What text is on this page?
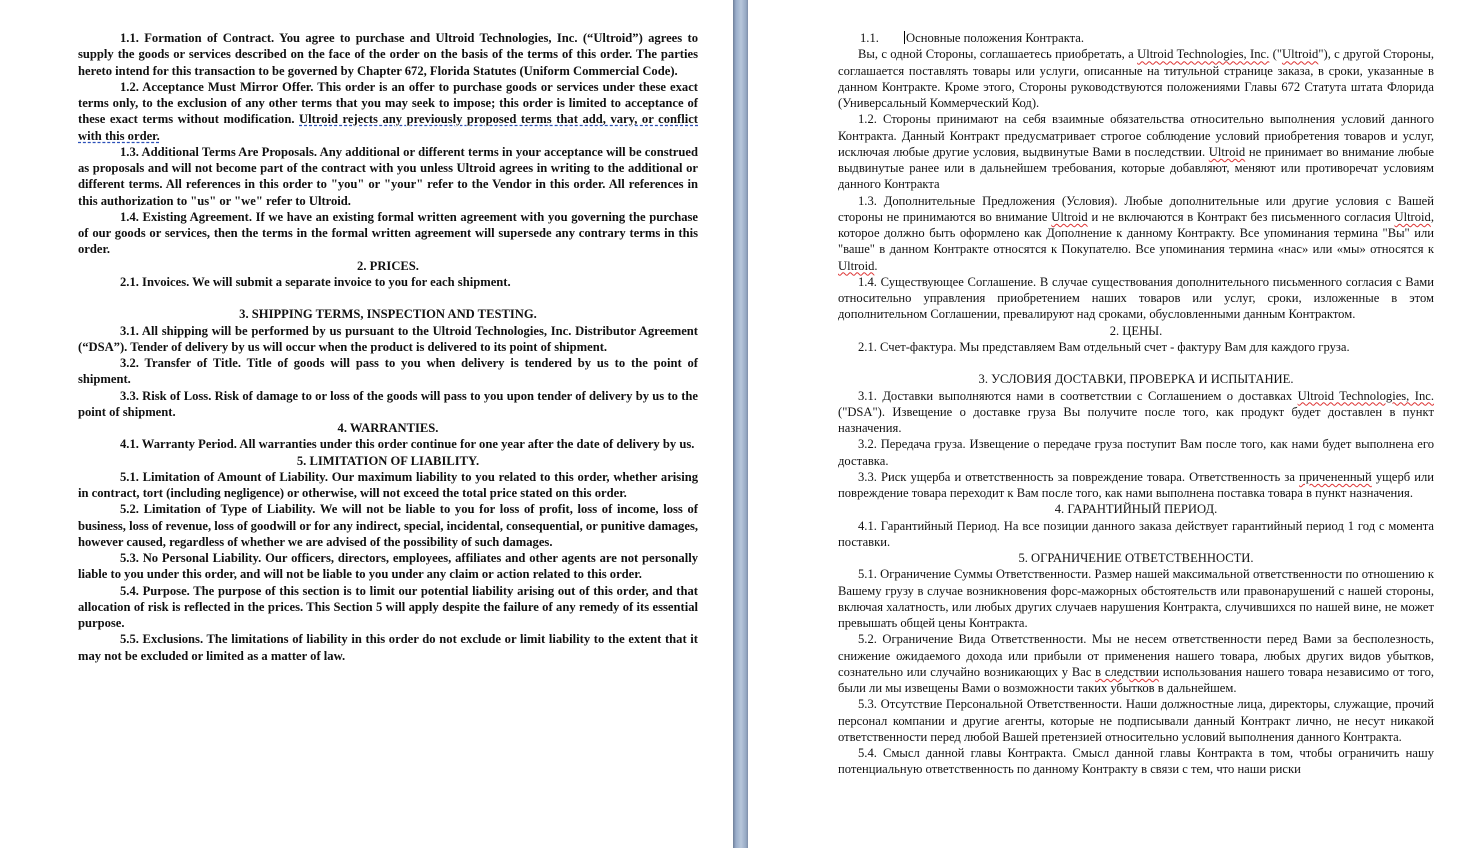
1.1. Formation of Contract. You agree to purchase and Ultroid Technologies, Inc. (“Ultroid”) agrees to supply the goods or services described on the face of the order on the basis of the terms of this order. The parties hereto intend for this transaction to be governed by Chapter 672, Florida Statutes (Uniform Commercial Code).

1.2. Acceptance Must Mirror Offer. This order is an offer to purchase goods or services under these exact terms only, to the exclusion of any other terms that you may seek to impose; this order is limited to acceptance of these exact terms without modification. Ultroid rejects any previously proposed terms that add, vary, or conflict with this order.

1.3. Additional Terms Are Proposals. Any additional or different terms in your acceptance will be construed as proposals and will not become part of the contract with you unless Ultroid agrees in writing to the additional or different terms. All references in this order to "you" or "your" refer to the Vendor in this order. All references in this authorization to "us" or "we" refer to Ultroid.

1.4. Existing Agreement. If we have an existing formal written agreement with you governing the purchase of our goods or services, then the terms in the formal written agreement will supersede any contrary terms in this order.

2. PRICES.

2.1. Invoices. We will submit a separate invoice to you for each shipment.

3. SHIPPING TERMS, INSPECTION AND TESTING.

3.1. All shipping will be performed by us pursuant to the Ultroid Technologies, Inc. Distributor Agreement (“DSA”). Tender of delivery by us will occur when the product is delivered to its point of shipment.

3.2. Transfer of Title. Title of goods will pass to you when delivery is tendered by us to the point of shipment.

3.3. Risk of Loss. Risk of damage to or loss of the goods will pass to you upon tender of delivery by us to the point of shipment.

4. WARRANTIES.

4.1. Warranty Period. All warranties under this order continue for one year after the date of delivery by us.

5. LIMITATION OF LIABILITY.

5.1. Limitation of Amount of Liability. Our maximum liability to you related to this order, whether arising in contract, tort (including negligence) or otherwise, will not exceed the total price stated on this order.

5.2. Limitation of Type of Liability. We will not be liable to you for loss of profit, loss of income, loss of business, loss of revenue, loss of goodwill or for any indirect, special, incidental, consequential, or punitive damages, however caused, regardless of whether we are advised of the possibility of such damages.

5.3. No Personal Liability. Our officers, directors, employees, affiliates and other agents are not personally liable to you under this order, and will not be liable to you under any claim or action related to this order.

5.4. Purpose. The purpose of this section is to limit our potential liability arising out of this order, and that allocation of risk is reflected in the prices. This Section 5 will apply despite the failure of any remedy of its essential purpose.

5.5. Exclusions. The limitations of liability in this order do not exclude or limit liability to the extent that it may not be excluded or limited as a matter of law.

1.1. Основные положения Контракта.

Вы, с одной Стороны, соглашаетесь приобретать, а Ultroid Technologies, Inc. ("Ultroid"), с другой Стороны, соглашается поставлять товары или услуги, описанные на титульной странице заказа, в сроки, указанные в данном Контракте. Кроме этого, Стороны руководствуются положениями Главы 672 Статута штата Флорида (Универсальный Коммерческий Код).

1.2. Стороны принимают на себя взаимные обязательства относительно выполнения условий данного Контракта. Данный Контракт предусматривает строгое соблюдение условий приобретения товаров и услуг, исключая любые другие условия, выдвинутые Вами в последствии. Ultroid не принимает во внимание любые выдвинутые ранее или в дальнейшем требования, которые добавляют, меняют или противоречат условиям данного Контракта

1.3. Дополнительные Предложения (Условия). Любые дополнительные или другие условия с Вашей стороны не принимаются во внимание Ultroid и не включаются в Контракт без письменного согласия Ultroid, которое должно быть оформлено как Дополнение к данному Контракту. Все упоминания термина "Вы" или "ваше" в данном Контракте относятся к Покупателю. Все упоминания термина «нас» или «мы» относятся к Ultroid.

1.4. Существующее Соглашение. В случае существования дополнительного письменного согласия с Вами относительно управления приобретением наших товаров или услуг, сроки, изложенные в этом дополнительном Соглашении, превалируют над сроками, обусловленными данным Контрактом.

2. ЦЕНЫ.

2.1. Счет-фактура. Мы представляем Вам отдельный счет - фактуру Вам для каждого груза.

3. УСЛОВИЯ ДОСТАВКИ, ПРОВЕРКА И ИСПЫТАНИЕ.

3.1. Доставки выполняются нами в соответствии с Соглашением о доставках Ultroid Technologies, Inc. ("DSA"). Извещение о доставке груза Вы получите после того, как продукт будет доставлен в пункт назначения.

3.2. Передача груза. Извещение о передаче груза поступит Вам после того, как нами будет выполнена его доставка.

3.3. Риск ущерба и ответственность за повреждение товара. Ответственность за причененный ущерб или повреждение товара переходит к Вам после того, как нами выполнена поставка товара в пункт назначения.

4. ГАРАНТИЙНЫЙ ПЕРИОД.

4.1. Гарантийный Период. На все позиции данного заказа действует гарантийный период 1 год с момента поставки.

5. ОГРАНИЧЕНИЕ ОТВЕТСТВЕННОСТИ.

5.1. Ограничение Суммы Ответственности. Размер нашей максимальной ответственности по отношению к Вашему грузу в случае возникновения форс-мажорных обстоятельств или правонарушений с нашей стороны, включая халатность, или любых других случаев нарушения Контракта, случившихся по нашей вине, не может превышать общей цены Контракта.

5.2. Ограничение Вида Ответственности. Мы не несем ответственности перед Вами за бесполезность, снижение ожидаемого дохода или прибыли от применения нашего товара, любых других видов убытков, сознательно или случайно возникающих у Вас в следствии использования нашего товара независимо от того, были ли мы извещены Вами о возможности таких убытков в дальнейшем.

5.3. Отсутствие Персональной Ответственности. Наши должностные лица, директоры, служащие, прочий персонал компании и другие агенты, которые не подписывали данный Контракт лично, не несут никакой ответственности перед любой Вашей претензией относительно условий выполнения данного Контракта.

5.4. Смысл данной главы Контракта. Смысл данной главы Контракта в том, чтобы ограничить нашу потенциальную ответственность по данному Контракту в связи с тем, что наши риски
